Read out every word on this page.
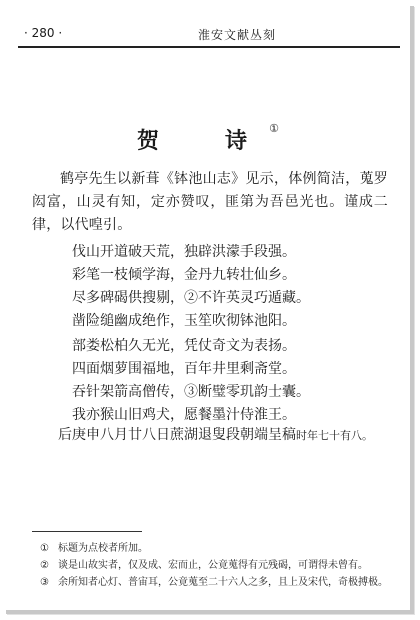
· 280 ·	淮安文献丛刻
贺　诗①
鹤亭先生以新葺《钵池山志》见示，体例简洁，蒐罗闳富，山灵有知，定亦赞叹，匪第为吾邑光也。谨成二律，以代喤引。
伐山开道破天荒，独辟洪濛手段强。
彩笔一枝倾学海，金丹九转壮仙乡。
尽多碑碣供搜剔，②不许英灵巧遁藏。
凿险缒幽成绝作，玉笙吹彻钵池阳。
部娄松柏久无光，凭仗奇文为表扬。
四面烟萝围福地，百年井里剩斋堂。
吞针架箭高僧传，③断璧零玑韵士囊。
我亦猴山旧鸡犬，愿餐墨汁侍淮王。
后庚申八月廿八日蔗湖退叟段朝端呈稿时年七十有八。
① 标题为点校者所加。
② 谈是山故实者，仅及成、宏而止，公竟蒐得有元残碣，可谓得未曾有。
③ 余所知者心灯、普宙耳，公竟蒐至二十六人之多，且上及宋代，奇极搏极。
